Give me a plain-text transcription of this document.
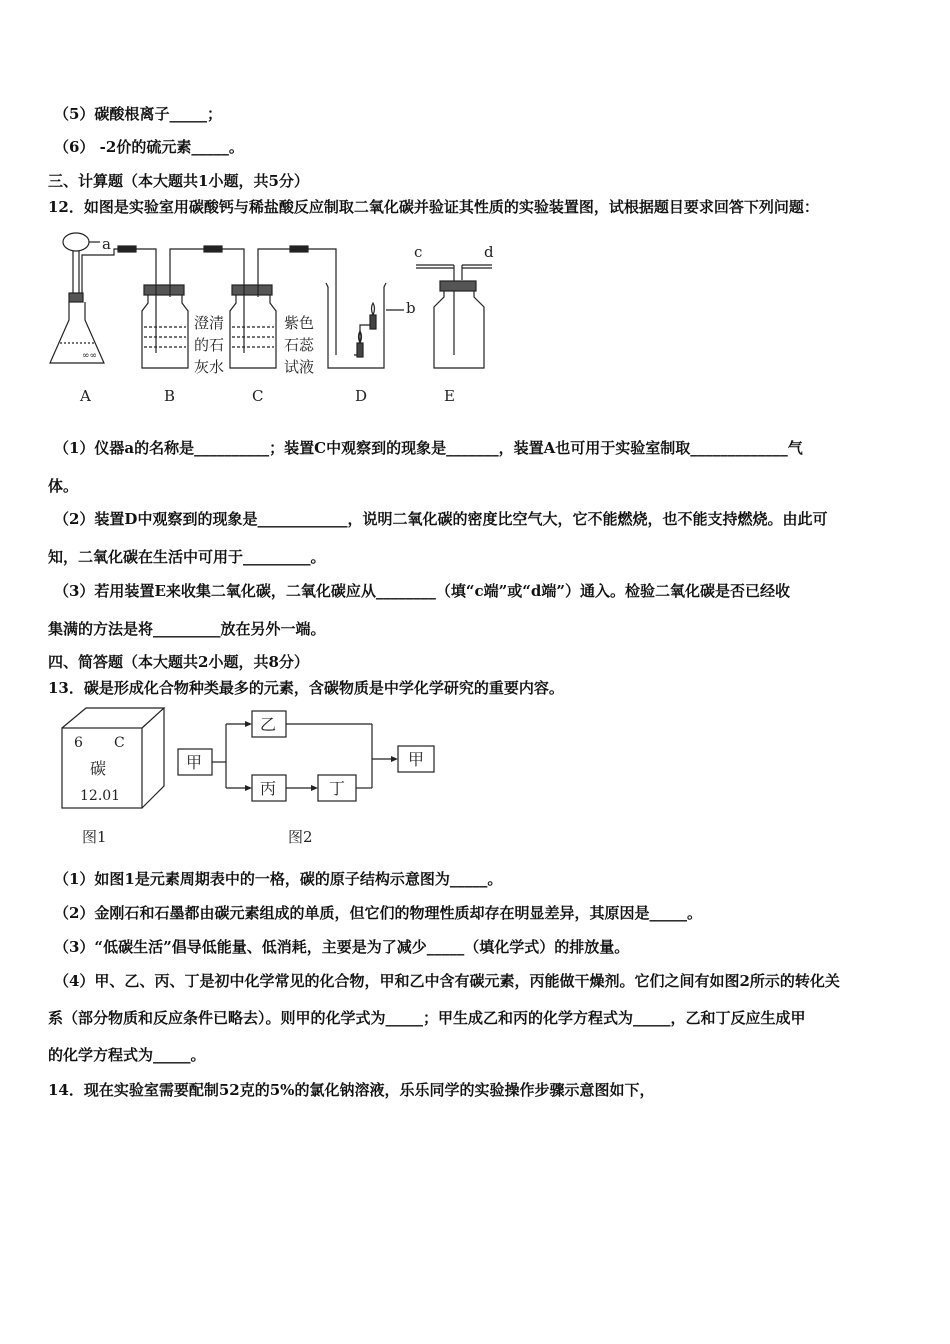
（5）碳酸根离子_____；
（6） -2价的硫元素_____。
三、计算题（本大题共1小题，共5分）
12．如图是实验室用碳酸钙与稀盐酸反应制取二氧化碳并验证其性质的实验装置图，试根据题目要求回答下列问题：
∞∞
a
b
c	d
澄清
的石
灰水
紫色
石蕊
试液
A	B	C	D	E
（1）仪器a的名称是__________；装置C中观察到的现象是_______，装置A也可用于实验室制取_____________气
体。
（2）装置D中观察到的现象是____________，说明二氧化碳的密度比空气大，它不能燃烧，也不能支持燃烧。由此可
知，二氧化碳在生活中可用于_________。
（3）若用装置E来收集二氧化碳，二氧化碳应从________（填“c端”或“d端”）通入。检验二氧化碳是否已经收
集满的方法是将_________放在另外一端。
四、简答题（本大题共2小题，共8分）
13．碳是形成化合物种类最多的元素，含碳物质是中学化学研究的重要内容。
6 C
碳
12.01
甲
乙
丙	丁
甲
图1	图2
（1）如图1是元素周期表中的一格，碳的原子结构示意图为_____。
（2）金刚石和石墨都由碳元素组成的单质，但它们的物理性质却存在明显差异，其原因是_____。
（3）“低碳生活”倡导低能量、低消耗，主要是为了减少_____（填化学式）的排放量。
（4）甲、乙、丙、丁是初中化学常见的化合物，甲和乙中含有碳元素，丙能做干燥剂。它们之间有如图2所示的转化关
系（部分物质和反应条件已略去）。则甲的化学式为_____；甲生成乙和丙的化学方程式为_____，乙和丁反应生成甲
的化学方程式为_____。
14．现在实验室需要配制52克的5%的氯化钠溶液，乐乐同学的实验操作步骤示意图如下，
